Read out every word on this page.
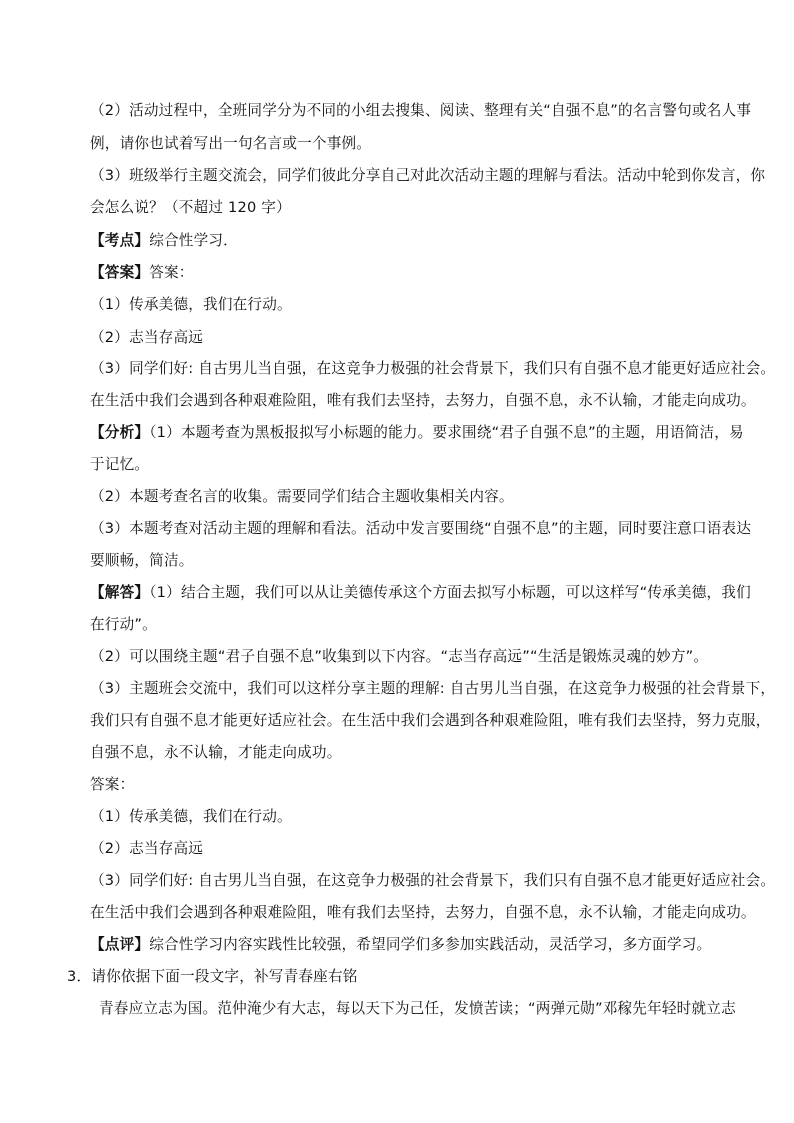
（2）活动过程中，全班同学分为不同的小组去搜集、阅读、整理有关“自强不息”的名言警句或名人事
例，请你也试着写出一句名言或一个事例。
（3）班级举行主题交流会，同学们彼此分享自己对此次活动主题的理解与看法。活动中轮到你发言，你
会怎么说？（不超过 120 字）
【考点】综合性学习．
【答案】答案：
（1）传承美德，我们在行动。
（2）志当存高远
（3）同学们好: 自古男儿当自强，在这竞争力极强的社会背景下，我们只有自强不息才能更好适应社会。
在生活中我们会遇到各种艰难险阻，唯有我们去坚持，去努力，自强不息，永不认输，才能走向成功。
【分析】（1）本题考查为黑板报拟写小标题的能力。要求围绕“君子自强不息”的主题，用语简洁，易
于记忆。
（2）本题考查名言的收集。需要同学们结合主题收集相关内容。
（3）本题考查对活动主题的理解和看法。活动中发言要围绕“自强不息”的主题，同时要注意口语表达
要顺畅，简洁。
【解答】（1）结合主题，我们可以从让美德传承这个方面去拟写小标题，可以这样写“传承美德，我们
在行动”。
（2）可以围绕主题“君子自强不息”收集到以下内容。“志当存高远”“生活是锻炼灵魂的妙方”。
（3）主题班会交流中，我们可以这样分享主题的理解: 自古男儿当自强，在这竞争力极强的社会背景下，
我们只有自强不息才能更好适应社会。在生活中我们会遇到各种艰难险阻，唯有我们去坚持，努力克服，
自强不息，永不认输，才能走向成功。
答案：
（1）传承美德，我们在行动。
（2）志当存高远
（3）同学们好: 自古男儿当自强，在这竞争力极强的社会背景下，我们只有自强不息才能更好适应社会。
在生活中我们会遇到各种艰难险阻，唯有我们去坚持，去努力，自强不息，永不认输，才能走向成功。
【点评】综合性学习内容实践性比较强，希望同学们多参加实践活动，灵活学习，多方面学习。
3．请你依据下面一段文字，补写青春座右铭
青春应立志为国。范仲淹少有大志，每以天下为己任，发愤苦读；“两弹元勋”邓稼先年轻时就立志
